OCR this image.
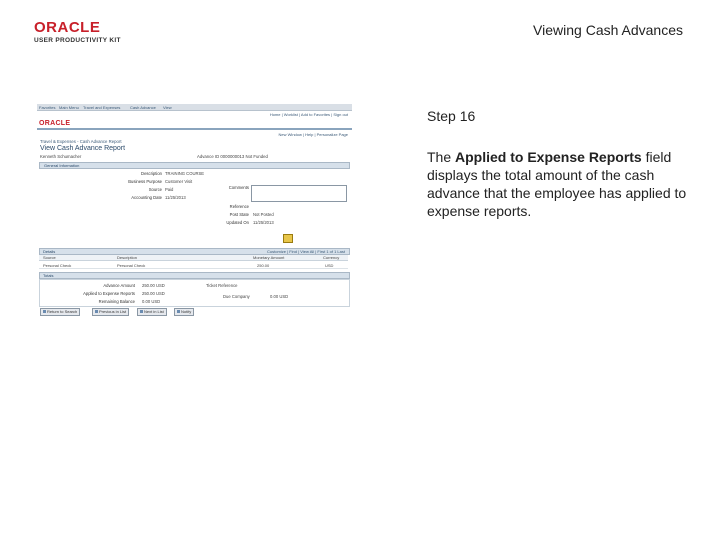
ORACLE
USER PRODUCTIVITY KIT
Viewing Cash Advances
Favorites Main Menu Travel and Expenses Cash Advance View
Home | Worklist | Add to Favorites | Sign out
ORACLE
New Window | Help | Personalize Page
Travel & Expenses - Cash Advance Report
View Cash Advance Report
Kenneth Schumacher	Advance ID 0000000013 Not Funded
General Information
Description TRAINING COURSE
Business Purpose Customer Visit
Source Paid
Accounting Date 11/25/2013
Comments
Reference
Post State Not Posted
Updated On 11/25/2013
Details	Customize | Find | View All | First 1 of 1 Last
Source	Description	Monetary Amount	Currency
Personal Check	Personal Check	250.00	USD
Totals
Advance Amount 250.00 USD
Applied to Expense Reports 250.00 USD
Remaining Balance 0.00 USD
Ticket Reference
Due Company	0.00 USD
Return to Search	Previous in List	Next in List	Notify
Step 16
The Applied to Expense Reports field displays the total amount of the cash advance that the employee has applied to expense reports.
